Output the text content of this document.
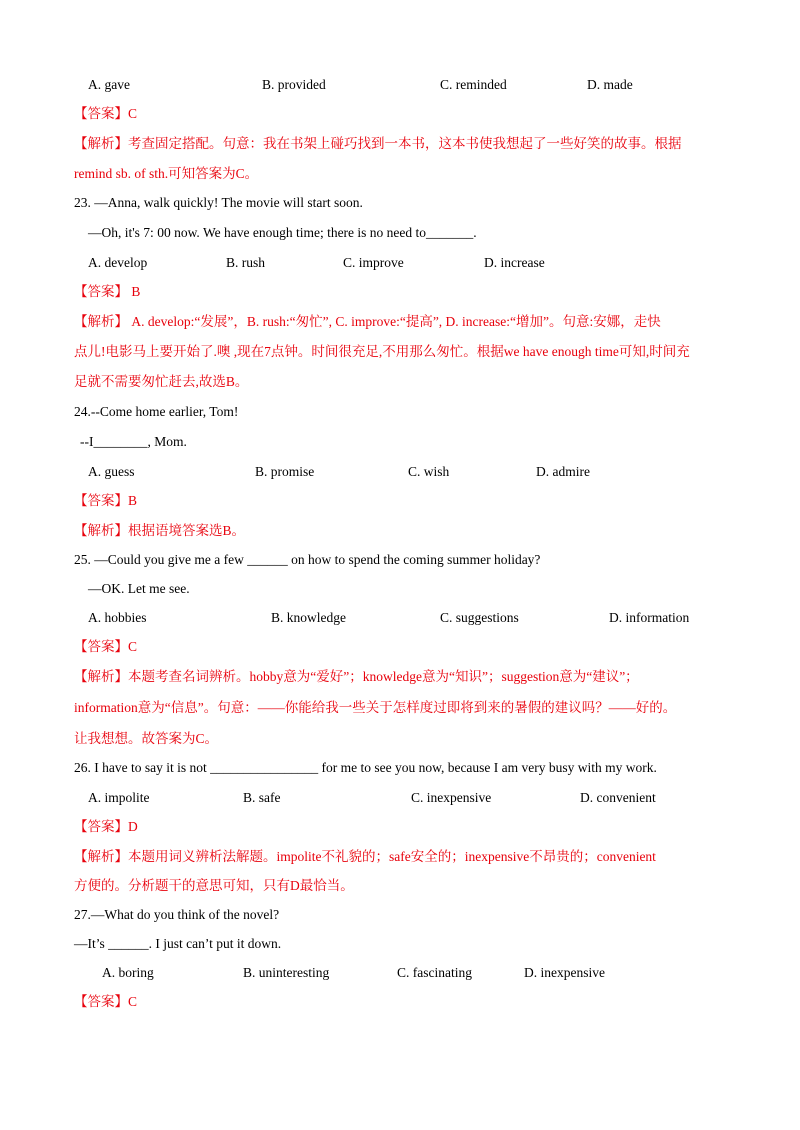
A. gave	B. provided	C. reminded	D. made
【答案】C
【解析】考查固定搭配。句意：我在书架上碰巧找到一本书，这本书使我想起了一些好笑的故事。根据
remind sb. of sth.可知答案为C。
23. —Anna, walk quickly! The movie will start soon.
—Oh, it's 7: 00 now. We have enough time; there is no need to_______.
A. develop	B. rush	C. improve	D. increase
【答案】 B
【解析】 A. develop:“发展”，B. rush:“匆忙”, C. improve:“提高”, D. increase:“增加”。句意:安娜，走快
点儿!电影马上要开始了.噢 ,现在7点钟。时间很充足,不用那么匆忙。根据we have enough time可知,时间充
足就不需要匆忙赶去,故选B。
24.--Come home earlier, Tom!
--I________, Mom.
A. guess	B. promise	C. wish	D. admire
【答案】B
【解析】根据语境答案选B。
25. —Could you give me a few ______ on how to spend the coming summer holiday?
—OK. Let me see.
A. hobbies	B. knowledge	C. suggestions	D. information
【答案】C
【解析】本题考查名词辨析。hobby意为“爱好”；knowledge意为“知识”；suggestion意为“建议”；
information意为“信息”。句意：——你能给我一些关于怎样度过即将到来的暑假的建议吗？——好的。
让我想想。故答案为C。
26. I have to say it is not ________________ for me to see you now, because I am very busy with my work.
A. impolite	B. safe	C. inexpensive	D. convenient
【答案】D
【解析】本题用词义辨析法解题。impolite不礼貌的；safe安全的；inexpensive不昂贵的；convenient
方便的。分析题干的意思可知，只有D最恰当。
27.—What do you think of the novel?
—It’s ______. I just can’t put it down.
A. boring	B. uninteresting	C. fascinating	D. inexpensive
【答案】C
